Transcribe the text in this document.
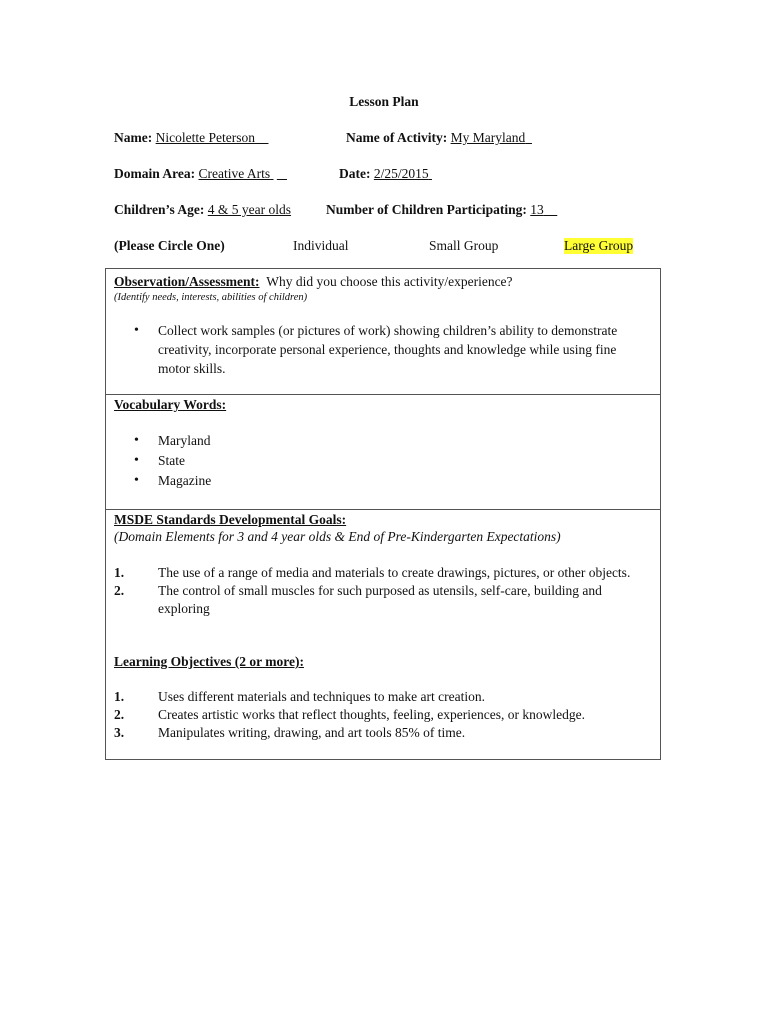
Lesson Plan
Name: Nicolette Peterson	Name of Activity: My Maryland
Domain Area: Creative Arts	Date: 2/25/2015
Children’s Age: 4 & 5 year olds	Number of Children Participating: 13
(Please Circle One)	Individual	Small Group	Large Group
Observation/Assessment: Why did you choose this activity/experience?
(Identify needs, interests, abilities of children)
• Collect work samples (or pictures of work) showing children’s ability to demonstrate creativity, incorporate personal experience, thoughts and knowledge while using fine motor skills.
Vocabulary Words:
• Maryland
• State
• Magazine
MSDE Standards Developmental Goals:
(Domain Elements for 3 and 4 year olds & End of Pre-Kindergarten Expectations)
1.	The use of a range of media and materials to create drawings, pictures, or other objects.
2.	The control of small muscles for such purposed as utensils, self-care, building and exploring
Learning Objectives (2 or more):
1.	Uses different materials and techniques to make art creation.
2.	Creates artistic works that reflect thoughts, feeling, experiences, or knowledge.
3.	Manipulates writing, drawing, and art tools 85% of time.
